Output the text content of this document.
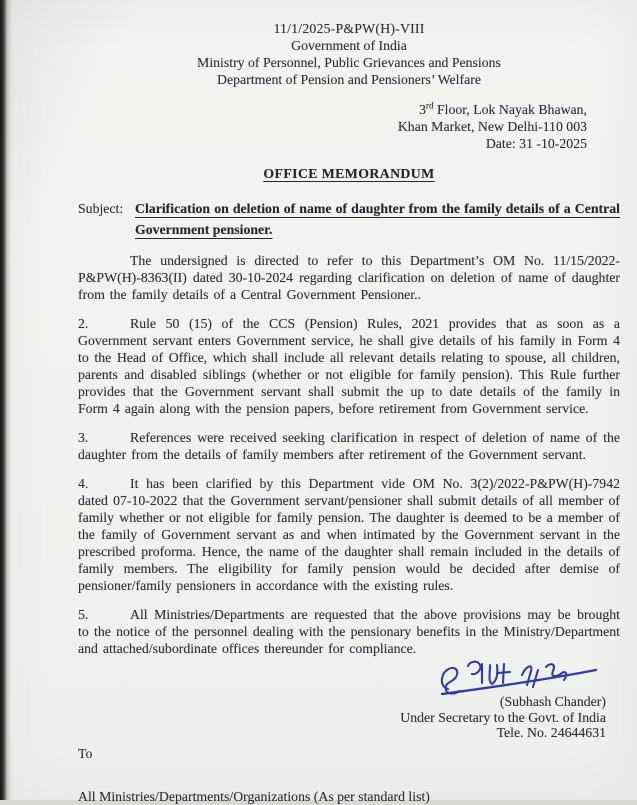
11/1/2025-P&PW(H)-VIII
Government of India
Ministry of Personnel, Public Grievances and Pensions
Department of Pension and Pensioners’ Welfare
3rd Floor, Lok Nayak Bhawan,
Khan Market, New Delhi-110 003
Date: 31 -10-2025
OFFICE MEMORANDUM
Subject: Clarification on deletion of name of daughter from the family details of a Central Government pensioner.

The undersigned is directed to refer to this Department’s OM No. 11/15/2022-P&PW(H)-8363(II) dated 30-10-2024 regarding clarification on deletion of name of daughter from the family details of a Central Government Pensioner..

2.	Rule 50 (15) of the CCS (Pension) Rules, 2021 provides that as soon as a Government servant enters Government service, he shall give details of his family in Form 4 to the Head of Office, which shall include all relevant details relating to spouse, all children, parents and disabled siblings (whether or not eligible for family pension). This Rule further provides that the Government servant shall submit the up to date details of the family in Form 4 again along with the pension papers, before retirement from Government service.

3.	References were received seeking clarification in respect of deletion of name of the daughter from the details of family members after retirement of the Government servant.

4.	It has been clarified by this Department vide OM No. 3(2)/2022-P&PW(H)-7942 dated 07-10-2022 that the Government servant/pensioner shall submit details of all member of family whether or not eligible for family pension. The daughter is deemed to be a member of the family of Government servant as and when intimated by the Government servant in the prescribed proforma. Hence, the name of the daughter shall remain included in the details of family members. The eligibility for family pension would be decided after demise of pensioner/family pensioners in accordance with the existing rules.

5.	All Ministries/Departments are requested that the above provisions may be brought to the notice of the personnel dealing with the pensionary benefits in the Ministry/Department and attached/subordinate offices thereunder for compliance.

(Subhash Chander)
Under Secretary to the Govt. of India
Tele. No. 24644631
To
All Ministries/Departments/Organizations (As per standard list)
